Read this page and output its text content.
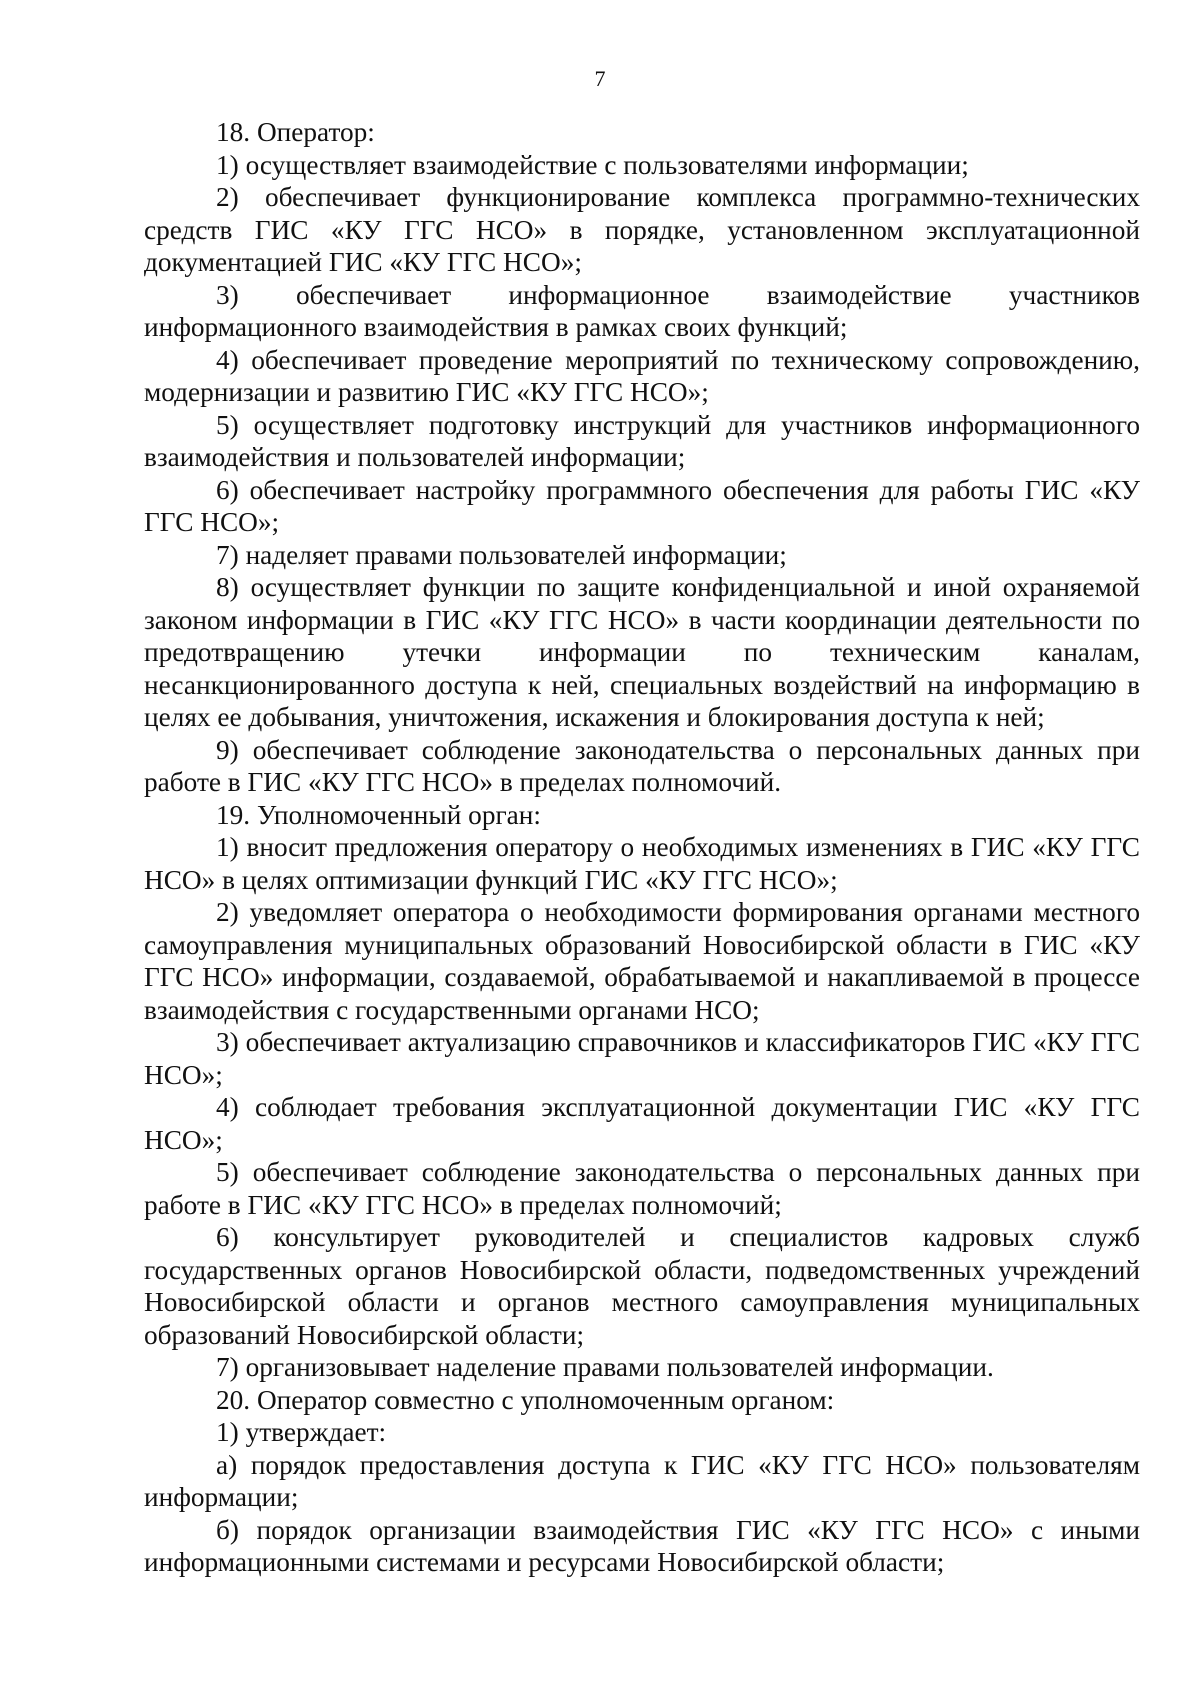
7

18. Оператор:

1) осуществляет взаимодействие с пользователями информации;

2) обеспечивает функционирование комплекса программно-технических средств ГИС «КУ ГГС НСО» в порядке, установленном эксплуатационной документацией ГИС «КУ ГГС НСО»;

3) обеспечивает информационное взаимодействие участников информационного взаимодействия в рамках своих функций;

4) обеспечивает проведение мероприятий по техническому сопровождению, модернизации и развитию ГИС «КУ ГГС НСО»;

5) осуществляет подготовку инструкций для участников информационного взаимодействия и пользователей информации;

6) обеспечивает настройку программного обеспечения для работы ГИС «КУ ГГС НСО»;

7) наделяет правами пользователей информации;

8) осуществляет функции по защите конфиденциальной и иной охраняемой законом информации в ГИС «КУ ГГС НСО» в части координации деятельности по предотвращению утечки информации по техническим каналам, несанкционированного доступа к ней, специальных воздействий на информацию в целях ее добывания, уничтожения, искажения и блокирования доступа к ней;

9) обеспечивает соблюдение законодательства о персональных данных при работе в ГИС «КУ ГГС НСО» в пределах полномочий.

19. Уполномоченный орган:

1) вносит предложения оператору о необходимых изменениях в ГИС «КУ ГГС НСО» в целях оптимизации функций ГИС «КУ ГГС НСО»;

2) уведомляет оператора о необходимости формирования органами местного самоуправления муниципальных образований Новосибирской области в ГИС «КУ ГГС НСО» информации, создаваемой, обрабатываемой и накапливаемой в процессе взаимодействия с государственными органами НСО;

3) обеспечивает актуализацию справочников и классификаторов ГИС «КУ ГГС НСО»;

4) соблюдает требования эксплуатационной документации ГИС «КУ ГГС НСО»;

5) обеспечивает соблюдение законодательства о персональных данных при работе в ГИС «КУ ГГС НСО» в пределах полномочий;

6) консультирует руководителей и специалистов кадровых служб государственных органов Новосибирской области, подведомственных учреждений Новосибирской области и органов местного самоуправления муниципальных образований Новосибирской области;

7) организовывает наделение правами пользователей информации.

20. Оператор совместно с уполномоченным органом:

1) утверждает:

а) порядок предоставления доступа к ГИС «КУ ГГС НСО» пользователям информации;

б) порядок организации взаимодействия ГИС «КУ ГГС НСО» с иными информационными системами и ресурсами Новосибирской области;
